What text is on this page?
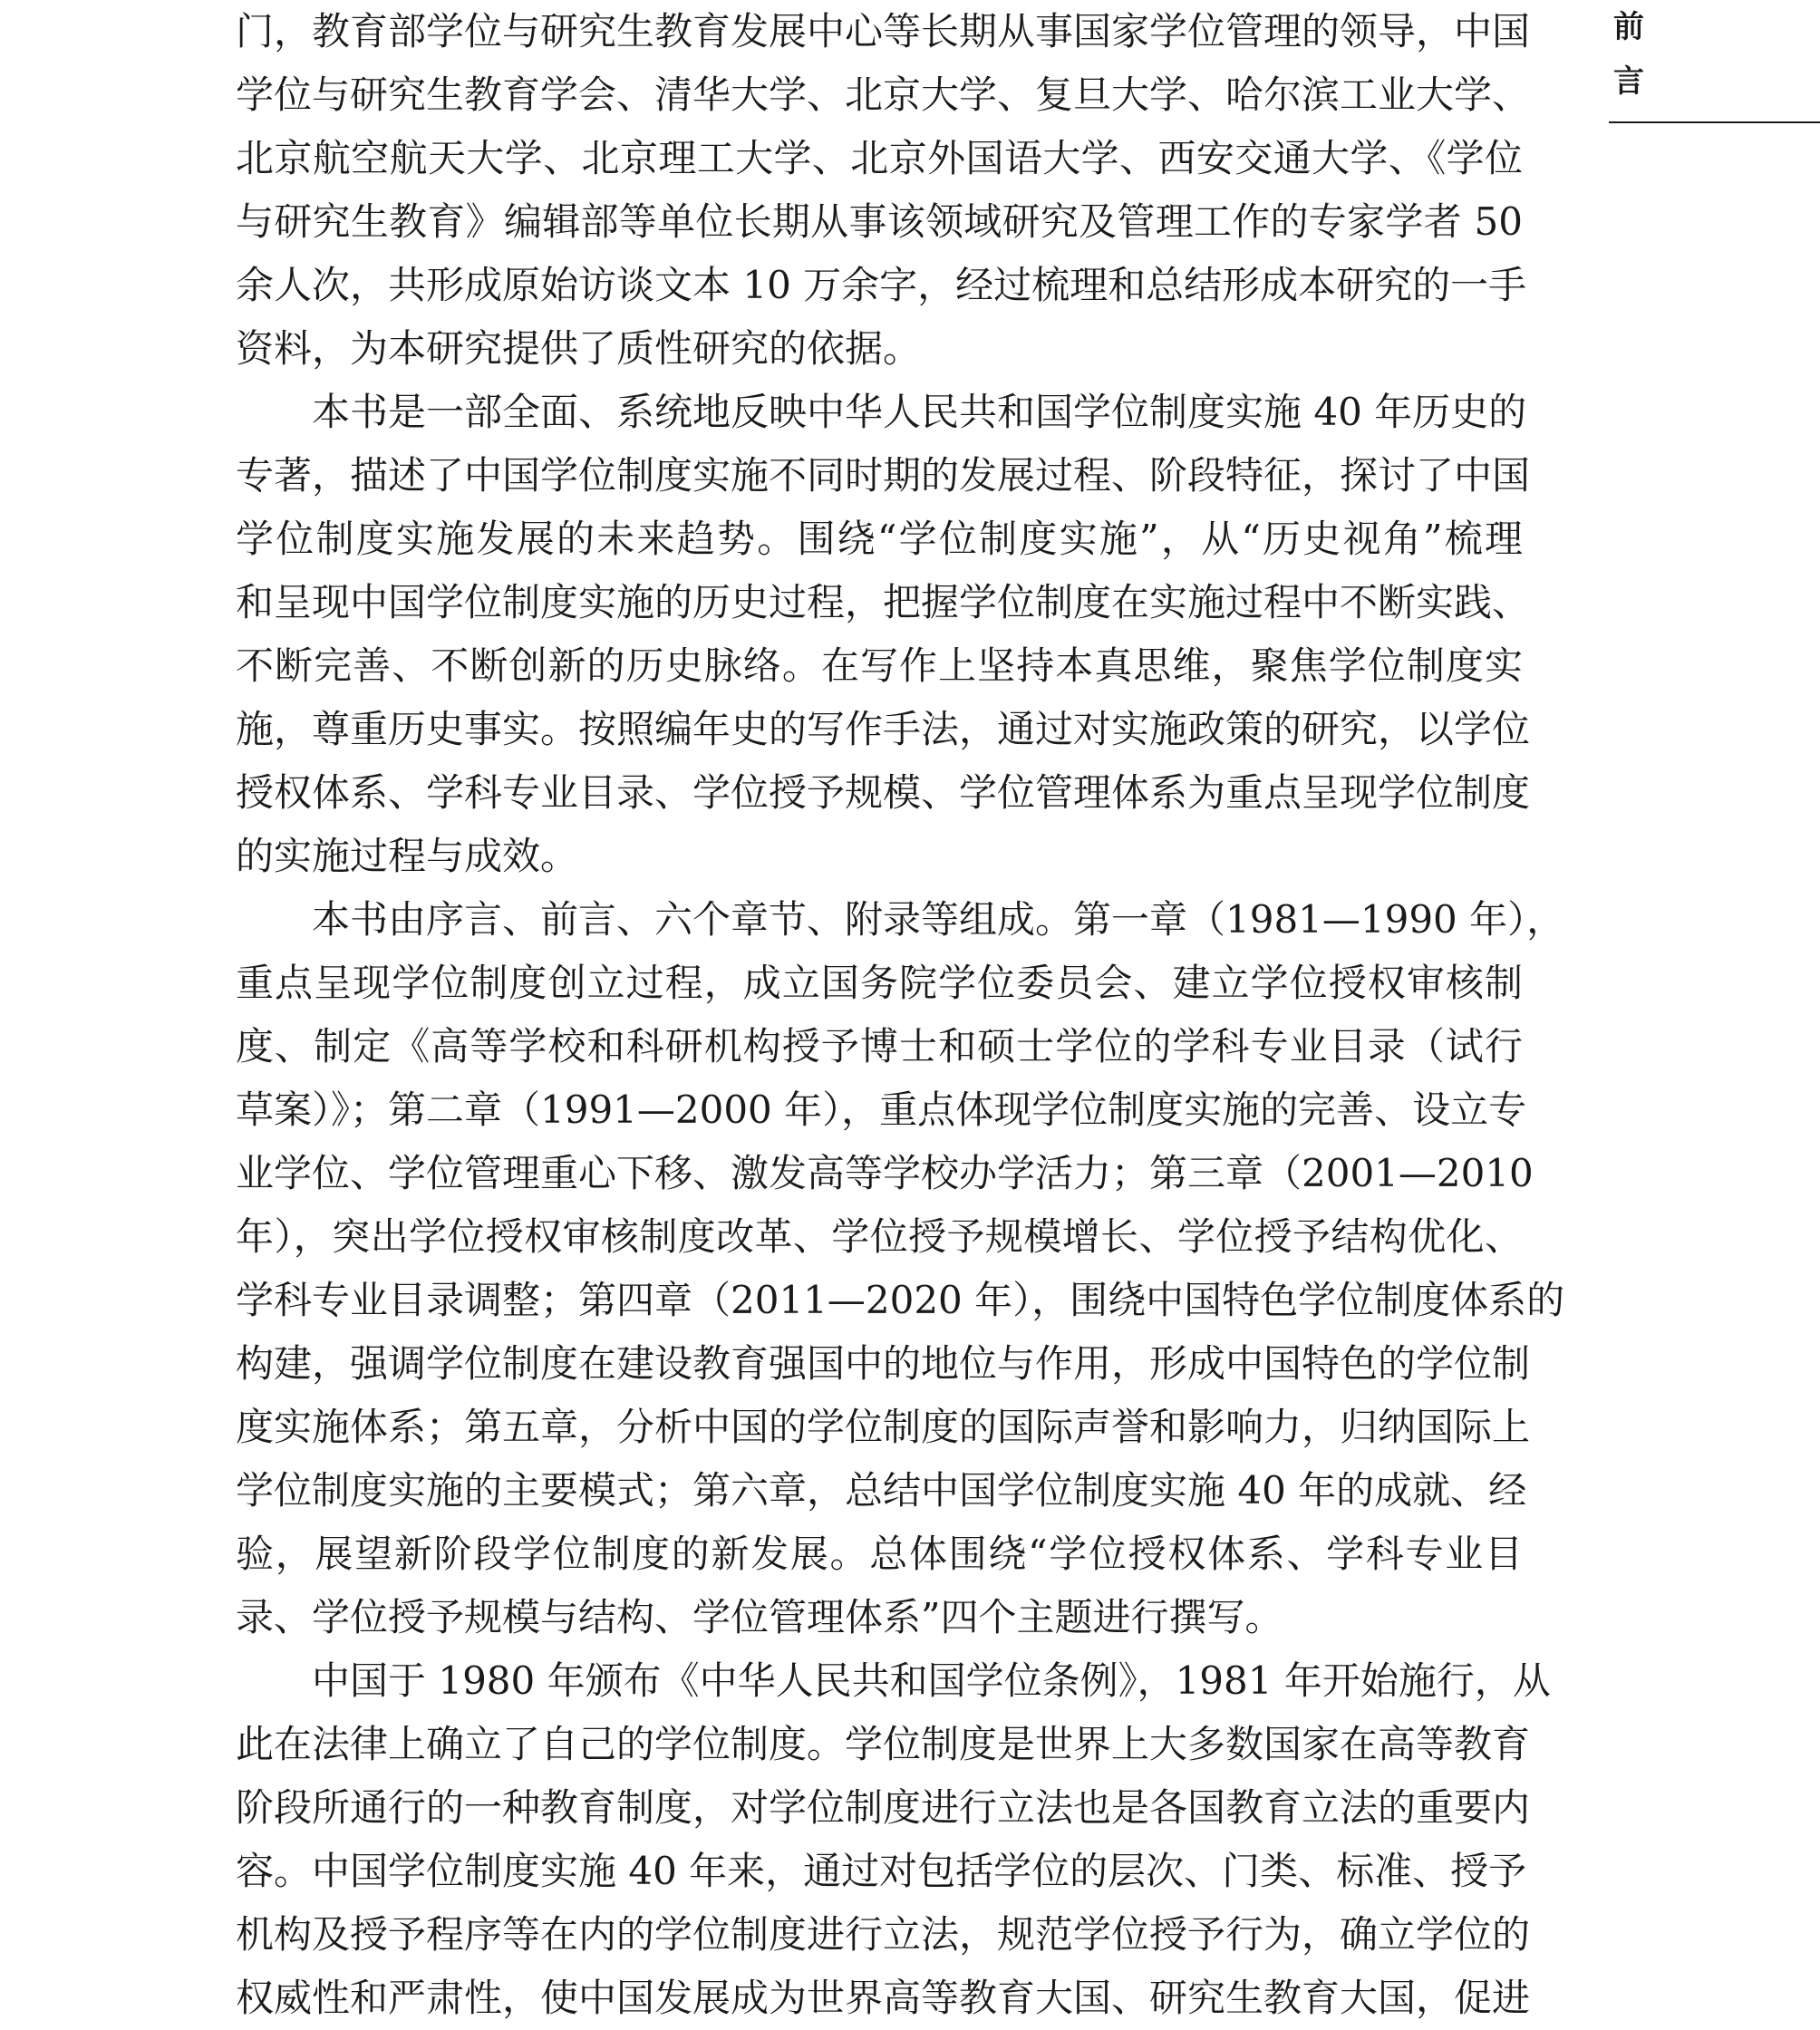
门，教育部学位与研究生教育发展中心等长期从事国家学位管理的领导，中国
学位与研究生教育学会、清华大学、北京大学、复旦大学、哈尔滨工业大学、
北京航空航天大学、北京理工大学、北京外国语大学、西安交通大学、《学位
与研究生教育》编辑部等单位长期从事该领域研究及管理工作的专家学者 50
余人次，共形成原始访谈文本 10 万余字，经过梳理和总结形成本研究的一手
资料，为本研究提供了质性研究的依据。
　　本书是一部全面、系统地反映中华人民共和国学位制度实施 40 年历史的
专著，描述了中国学位制度实施不同时期的发展过程、阶段特征，探讨了中国
学位制度实施发展的未来趋势。围绕“学位制度实施”，从“历史视角”梳理
和呈现中国学位制度实施的历史过程，把握学位制度在实施过程中不断实践、
不断完善、不断创新的历史脉络。在写作上坚持本真思维，聚焦学位制度实
施，尊重历史事实。按照编年史的写作手法，通过对实施政策的研究，以学位
授权体系、学科专业目录、学位授予规模、学位管理体系为重点呈现学位制度
的实施过程与成效。
　　本书由序言、前言、六个章节、附录等组成。第一章（1981—1990 年），
重点呈现学位制度创立过程，成立国务院学位委员会、建立学位授权审核制
度、制定《高等学校和科研机构授予博士和硕士学位的学科专业目录（试行
草案）》；第二章（1991—2000 年），重点体现学位制度实施的完善、设立专
业学位、学位管理重心下移、激发高等学校办学活力；第三章（2001—2010
年），突出学位授权审核制度改革、学位授予规模增长、学位授予结构优化、
学科专业目录调整；第四章（2011—2020 年），围绕中国特色学位制度体系的
构建，强调学位制度在建设教育强国中的地位与作用，形成中国特色的学位制
度实施体系；第五章，分析中国的学位制度的国际声誉和影响力，归纳国际上
学位制度实施的主要模式；第六章，总结中国学位制度实施 40 年的成就、经
验，展望新阶段学位制度的新发展。总体围绕“学位授权体系、学科专业目
录、学位授予规模与结构、学位管理体系”四个主题进行撰写。
　　中国于 1980 年颁布《中华人民共和国学位条例》，1981 年开始施行，从
此在法律上确立了自己的学位制度。学位制度是世界上大多数国家在高等教育
阶段所通行的一种教育制度，对学位制度进行立法也是各国教育立法的重要内
容。中国学位制度实施 40 年来，通过对包括学位的层次、门类、标准、授予
机构及授予程序等在内的学位制度进行立法，规范学位授予行为，确立学位的
权威性和严肃性，使中国发展成为世界高等教育大国、研究生教育大国，促进
前
言
